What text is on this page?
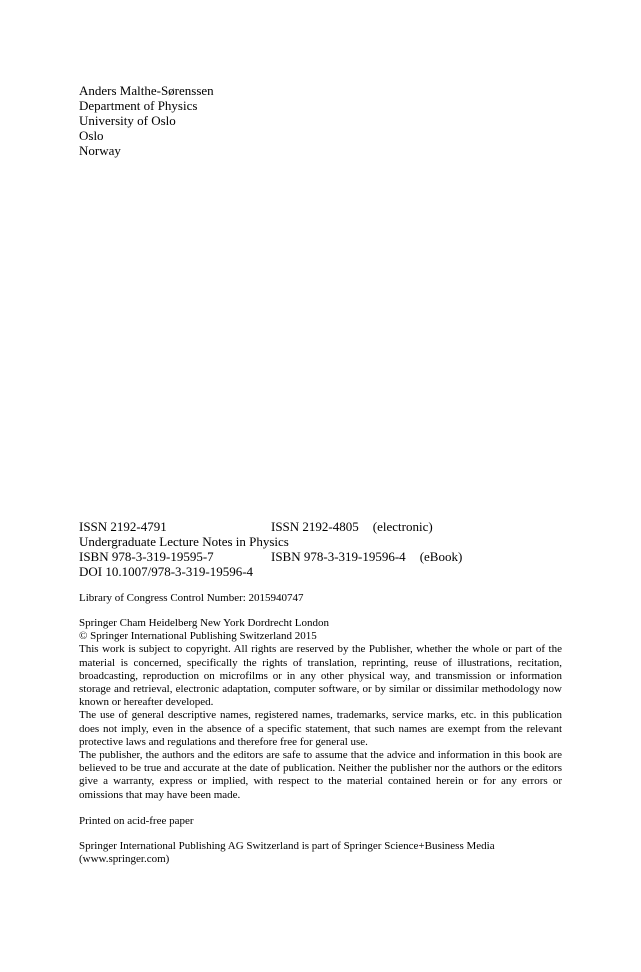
Anders Malthe-Sørenssen
Department of Physics
University of Oslo
Oslo
Norway
ISSN 2192-4791	ISSN 2192-4805 (electronic)
Undergraduate Lecture Notes in Physics
ISBN 978-3-319-19595-7	ISBN 978-3-319-19596-4 (eBook)
DOI 10.1007/978-3-319-19596-4
Library of Congress Control Number: 2015940747

Springer Cham Heidelberg New York Dordrecht London

© Springer International Publishing Switzerland 2015

This work is subject to copyright. All rights are reserved by the Publisher, whether the whole or part of the material is concerned, specifically the rights of translation, reprinting, reuse of illustrations, recitation, broadcasting, reproduction on microfilms or in any other physical way, and transmission or information storage and retrieval, electronic adaptation, computer software, or by similar or dissimilar methodology now known or hereafter developed.

The use of general descriptive names, registered names, trademarks, service marks, etc. in this publication does not imply, even in the absence of a specific statement, that such names are exempt from the relevant protective laws and regulations and therefore free for general use.

The publisher, the authors and the editors are safe to assume that the advice and information in this book are believed to be true and accurate at the date of publication. Neither the publisher nor the authors or the editors give a warranty, express or implied, with respect to the material contained herein or for any errors or omissions that may have been made.

Printed on acid-free paper
Springer International Publishing AG Switzerland is part of Springer Science+Business Media
(www.springer.com)
